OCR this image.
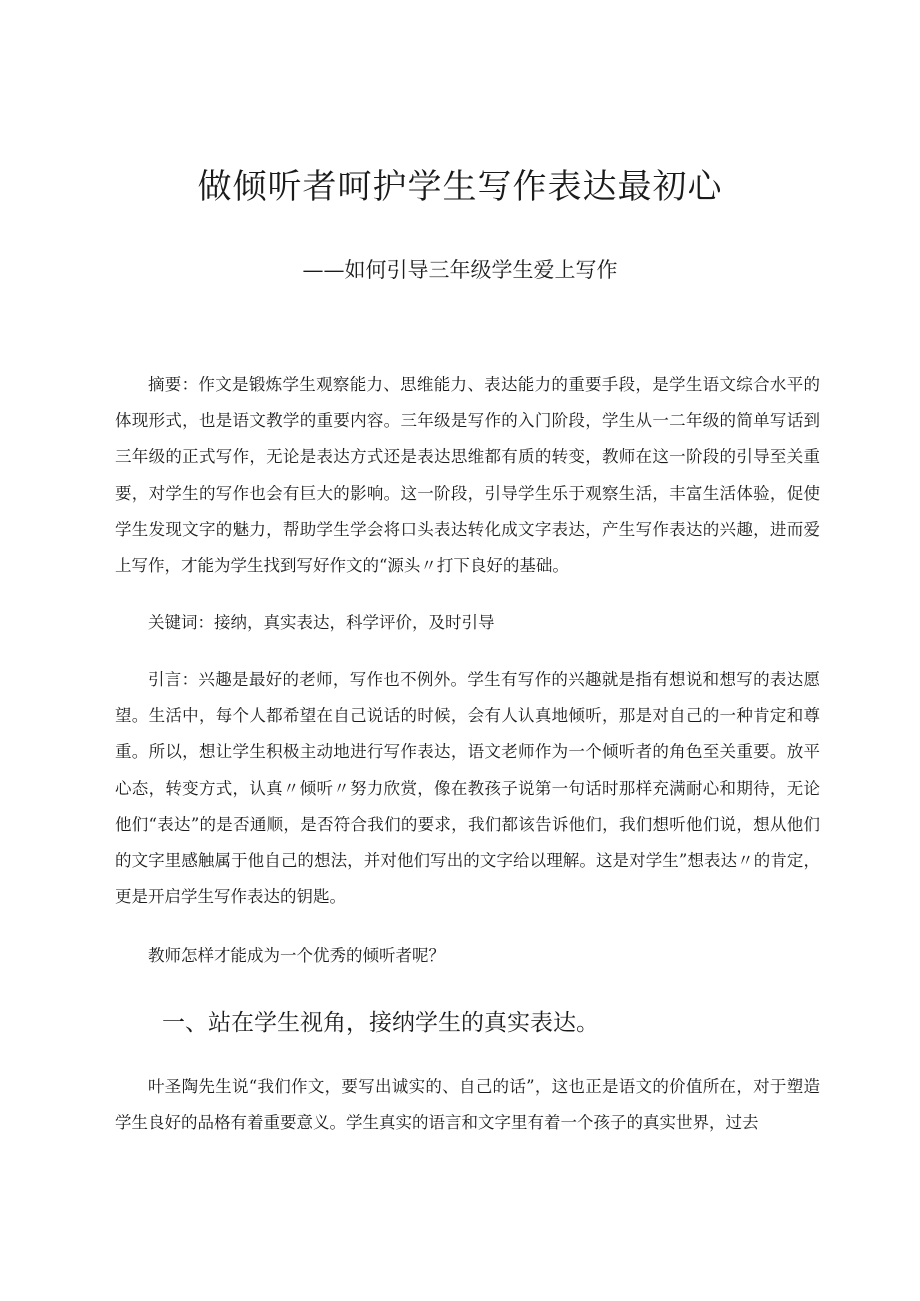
做倾听者呵护学生写作表达最初心
——如何引导三年级学生爱上写作

摘要：作文是锻炼学生观察能力、思维能力、表达能力的重要手段，是学生语文综合水平的体现形式，也是语文教学的重要内容。三年级是写作的入门阶段，学生从一二年级的简单写话到三年级的正式写作，无论是表达方式还是表达思维都有质的转变，教师在这一阶段的引导至关重要，对学生的写作也会有巨大的影响。这一阶段，引导学生乐于观察生活，丰富生活体验，促使学生发现文字的魅力，帮助学生学会将口头表达转化成文字表达，产生写作表达的兴趣，进而爱上写作，才能为学生找到写好作文的“源头〃打下良好的基础。

关键词：接纳，真实表达，科学评价，及时引导

引言：兴趣是最好的老师，写作也不例外。学生有写作的兴趣就是指有想说和想写的表达愿望。生活中，每个人都希望在自己说话的时候，会有人认真地倾听，那是对自己的一种肯定和尊重。所以，想让学生积极主动地进行写作表达，语文老师作为一个倾听者的角色至关重要。放平心态，转变方式，认真〃倾听〃努力欣赏，像在教孩子说第一句话时那样充满耐心和期待，无论他们“表达”的是否通顺，是否符合我们的要求，我们都该告诉他们，我们想听他们说，想从他们的文字里感触属于他自己的想法，并对他们写出的文字给以理解。这是对学生”想表达〃的肯定，更是开启学生写作表达的钥匙。

教师怎样才能成为一个优秀的倾听者呢？

一、站在学生视角，接纳学生的真实表达。

叶圣陶先生说“我们作文，要写出诚实的、自己的话”，这也正是语文的价值所在，对于塑造学生良好的品格有着重要意义。学生真实的语言和文字里有着一个孩子的真实世界，过去
